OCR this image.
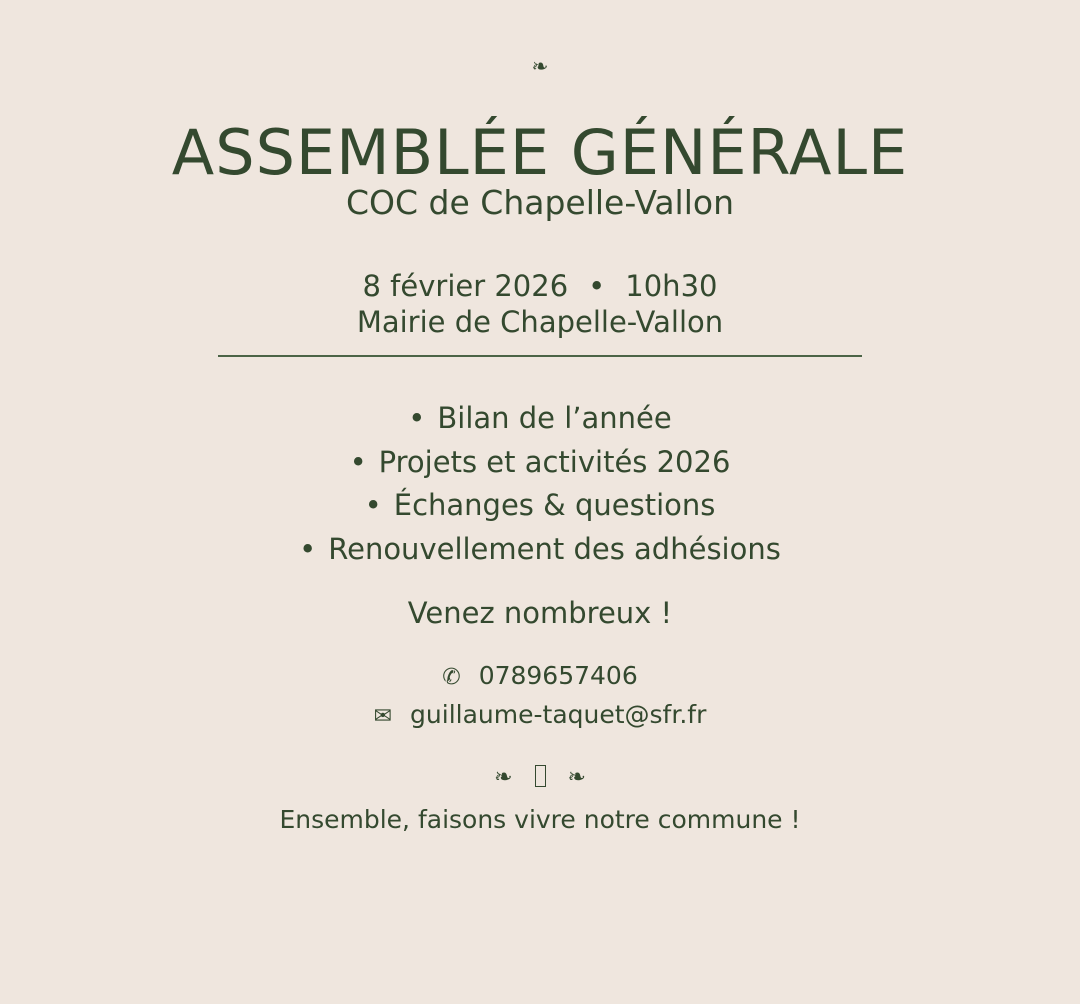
❧
ASSEMBLÉE GÉNÉRALE
COC de Chapelle-Vallon
8 février 2026 • 10h30
Mairie de Chapelle-Vallon
• Bilan de l’année
• Projets et activités 2026
• Échanges & questions
• Renouvellement des adhésions
Venez nombreux !
✆ 0789657406
✉ guillaume-taquet@sfr.fr
❧	❧
Ensemble, faisons vivre notre commune !
